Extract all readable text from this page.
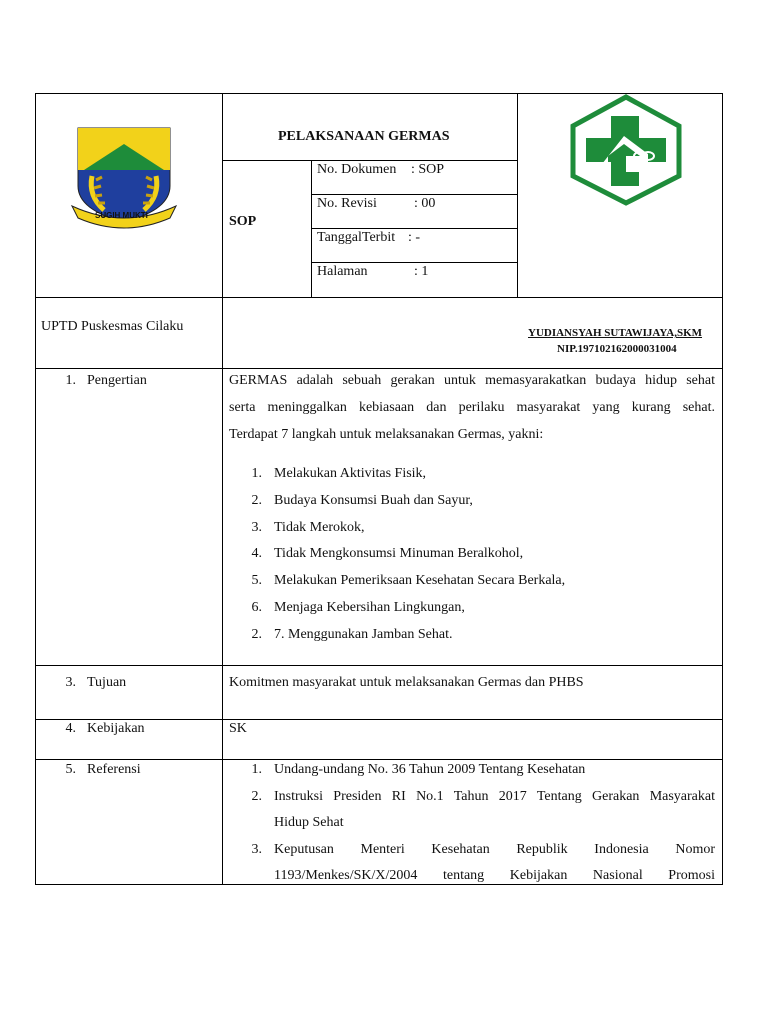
SUGIH MUKTI
PELAKSANAAN GERMAS
SOP
No. Dokumen : SOP
No. Revisi	: 00
TanggalTerbit : -
Halaman	: 1
UPTD Puskesmas Cilaku	YUDIANSYAH SUTAWIJAYA,SKM
NIP.197102162000031004
1. Pengertian	GERMAS adalah sebuah gerakan untuk memasyarakatkan budaya hidup sehat
serta meninggalkan kebiasaan dan perilaku masyarakat yang kurang sehat.
Terdapat 7 langkah untuk melaksanakan Germas, yakni:
1. Melakukan Aktivitas Fisik,
2. Budaya Konsumsi Buah dan Sayur,
3. Tidak Merokok,
4. Tidak Mengkonsumsi Minuman Beralkohol,
5. Melakukan Pemeriksaan Kesehatan Secara Berkala,
6. Menjaga Kebersihan Lingkungan,
2. 7. Menggunakan Jamban Sehat.
3. Tujuan	Komitmen masyarakat untuk melaksanakan Germas dan PHBS
4. Kebijakan	SK
5. Referensi	1. Undang-undang No. 36 Tahun 2009 Tentang Kesehatan
2. Instruksi Presiden RI No.1 Tahun 2017 Tentang Gerakan Masyarakat
Hidup Sehat
3. Keputusan Menteri Kesehatan Republik Indonesia Nomor
1193/Menkes/SK/X/2004 tentang Kebijakan Nasional Promosi
